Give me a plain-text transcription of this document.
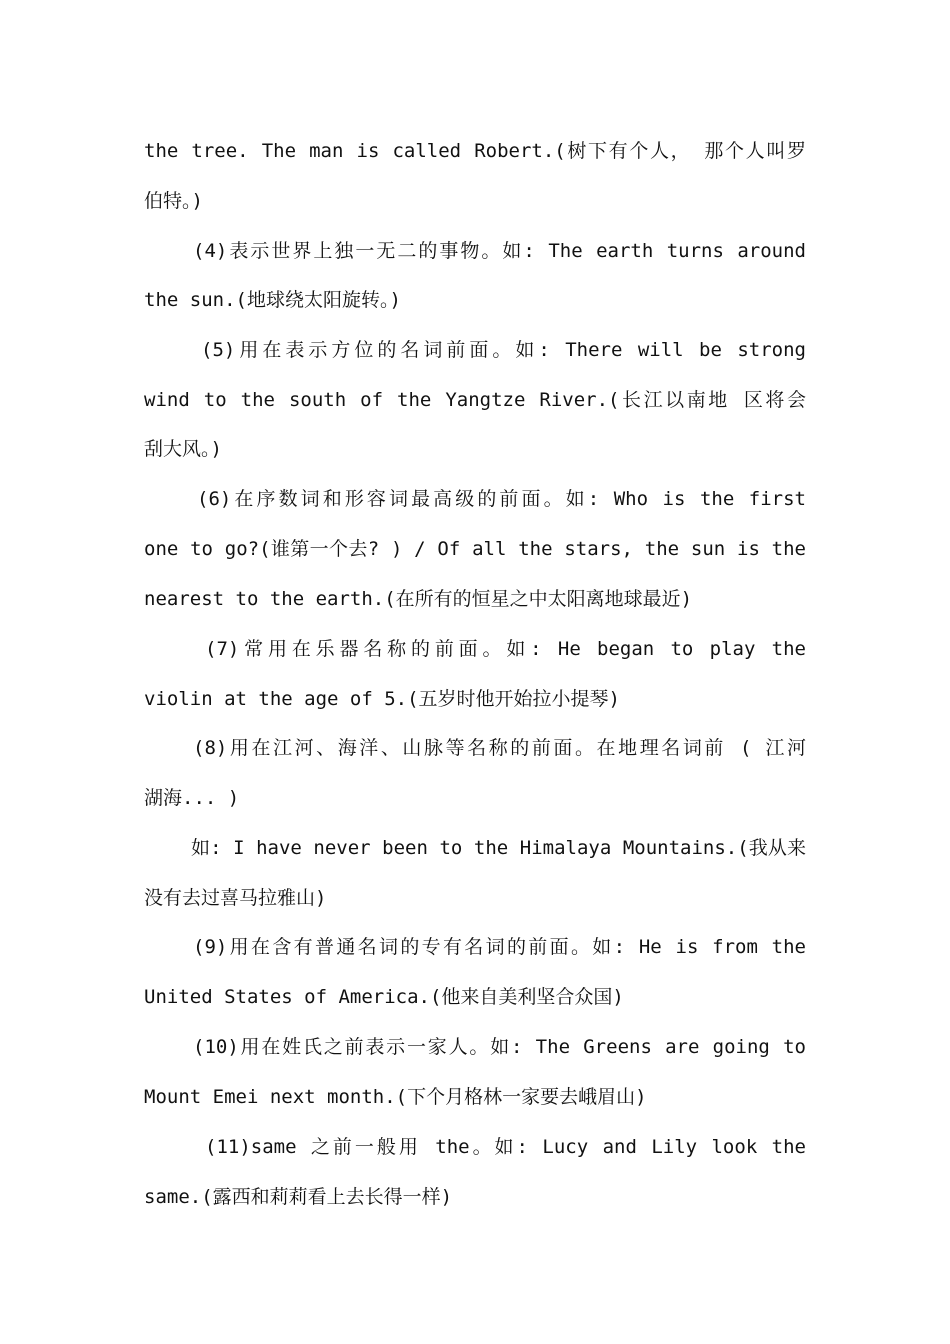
the tree. The man is called Robert.(树下有个人， 那个人叫罗
伯特。)
(4)表示世界上独一无二的事物。如: The earth turns around
the sun.(地球绕太阳旋转。)
(5)用在表示方位的名词前面。如: There will be strong
wind to the south of the Yangtze River.(长江以南地 区将会
刮大风。)
(6)在序数词和形容词最高级的前面。如: Who is the first
one to go?(谁第一个去? ) / Of all the stars, the sun is the
nearest to the earth.(在所有的恒星之中太阳离地球最近)
(7)常用在乐器名称的前面。如: He began to play the
violin at the age of 5.(五岁时他开始拉小提琴)
(8)用在江河、海洋、山脉等名称的前面。在地理名词前 ( 江河
湖海... )
如: I have never been to the Himalaya Mountains.(我从来
没有去过喜马拉雅山)
(9)用在含有普通名词的专有名词的前面。如: He is from the
United States of America.(他来自美利坚合众国)
(10)用在姓氏之前表示一家人。如: The Greens are going to
Mount Emei next month.(下个月格林一家要去峨眉山)
(11)same 之前一般用 the。如: Lucy and Lily look the
same.(露西和莉莉看上去长得一样)
